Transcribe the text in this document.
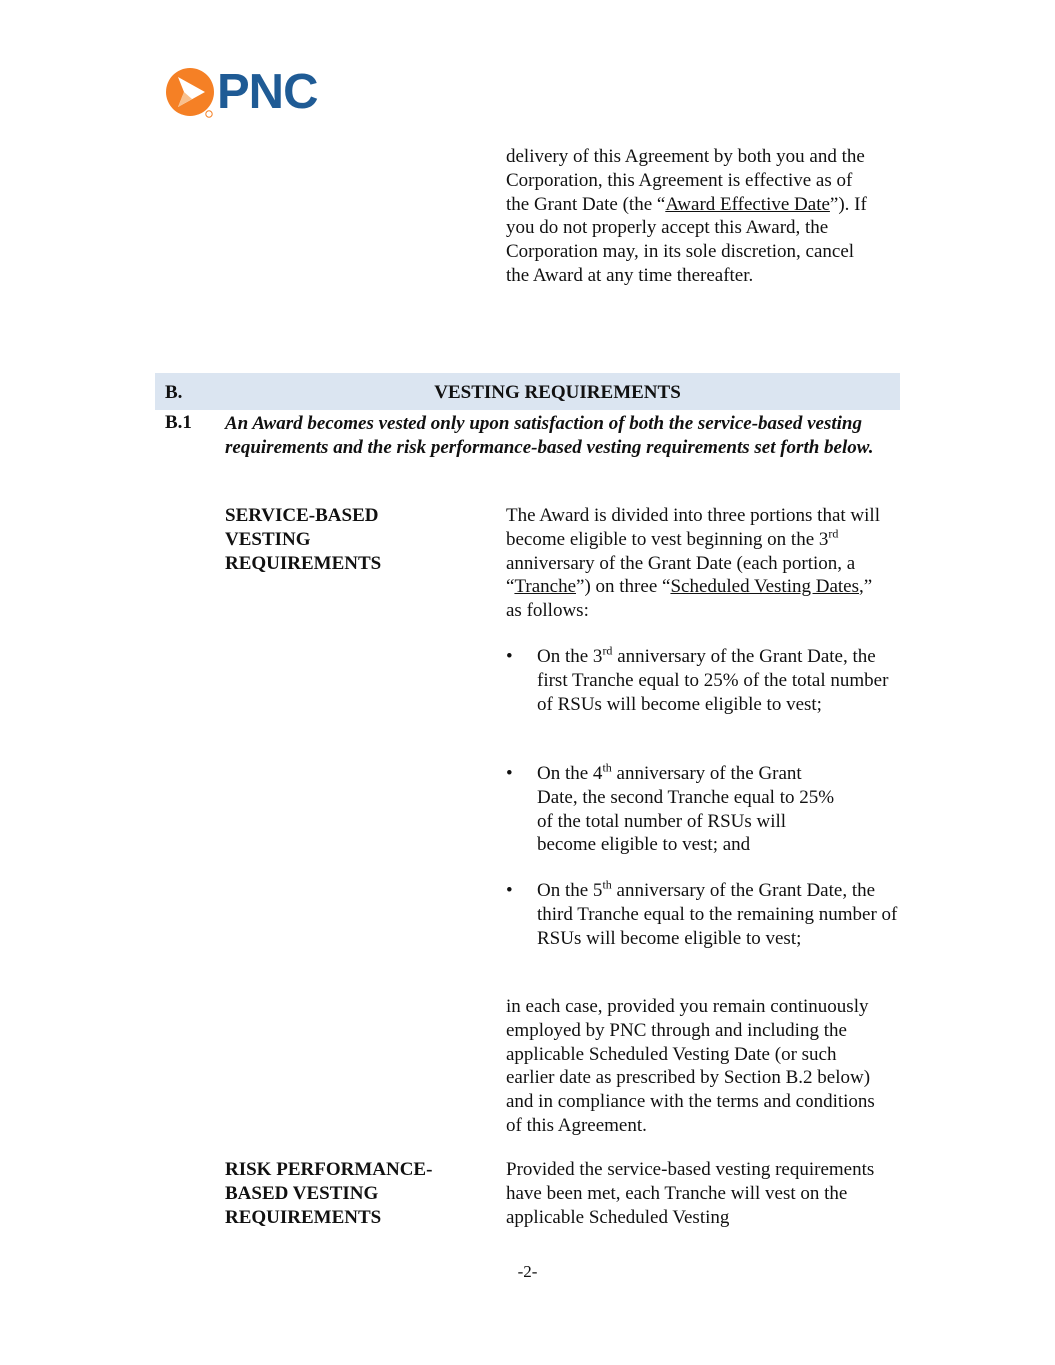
PNC
delivery of this Agreement by both you and the Corporation, this Agreement is effective as of the Grant Date (the “Award Effective Date”). If you do not properly accept this Award, the Corporation may, in its sole discretion, cancel the Award at any time thereafter.
B.	VESTING REQUIREMENTS
B.1 An Award becomes vested only upon satisfaction of both the service-based vesting requirements and the risk performance-based vesting requirements set forth below.
SERVICE-BASED
VESTING
REQUIREMENTS
The Award is divided into three portions that will become eligible to vest beginning on the 3rd anniversary of the Grant Date (each portion, a “Tranche”) on three “Scheduled Vesting Dates,” as follows:
•	On the 3rd anniversary of the Grant Date, the first Tranche equal to 25% of the total number of RSUs will become eligible to vest;
•	On the 4th anniversary of the Grant Date, the second Tranche equal to 25% of the total number of RSUs will become eligible to vest; and
•	On the 5th anniversary of the Grant Date, the third Tranche equal to the remaining number of RSUs will become eligible to vest;
in each case, provided you remain continuously employed by PNC through and including the applicable Scheduled Vesting Date (or such earlier date as prescribed by Section B.2 below) and in compliance with the terms and conditions of this Agreement.
RISK PERFORMANCE-
BASED VESTING
REQUIREMENTS
Provided the service-based vesting requirements have been met, each Tranche will vest on the applicable Scheduled Vesting
-2-
